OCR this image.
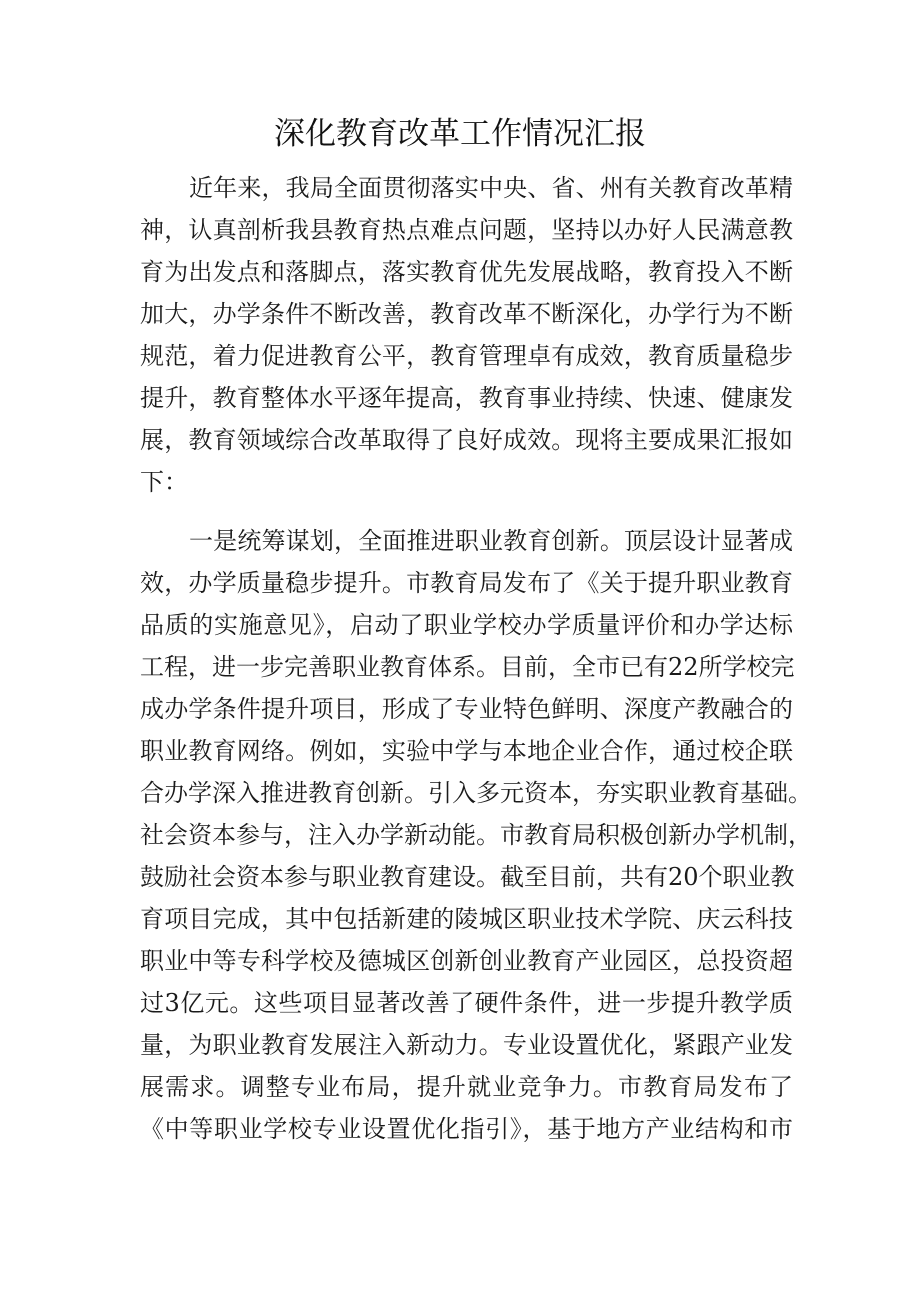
深化教育改革工作情况汇报

近年来，我局全面贯彻落实中央、省、州有关教育改革精

神，认真剖析我县教育热点难点问题，坚持以办好人民满意教

育为出发点和落脚点，落实教育优先发展战略，教育投入不断

加大，办学条件不断改善，教育改革不断深化，办学行为不断

规范，着力促进教育公平，教育管理卓有成效，教育质量稳步

提升，教育整体水平逐年提高，教育事业持续、快速、健康发

展，教育领域综合改革取得了良好成效。现将主要成果汇报如

下：

一是统筹谋划，全面推进职业教育创新。顶层设计显著成

效，办学质量稳步提升。市教育局发布了《关于提升职业教育

品质的实施意见》，启动了职业学校办学质量评价和办学达标

工程，进一步完善职业教育体系。目前，全市已有22所学校完

成办学条件提升项目，形成了专业特色鲜明、深度产教融合的

职业教育网络。例如，实验中学与本地企业合作，通过校企联

合办学深入推进教育创新。引入多元资本，夯实职业教育基础。

社会资本参与，注入办学新动能。市教育局积极创新办学机制，

鼓励社会资本参与职业教育建设。截至目前，共有20个职业教

育项目完成，其中包括新建的陵城区职业技术学院、庆云科技

职业中等专科学校及德城区创新创业教育产业园区，总投资超

过3亿元。这些项目显著改善了硬件条件，进一步提升教学质

量，为职业教育发展注入新动力。专业设置优化，紧跟产业发

展需求。调整专业布局，提升就业竞争力。市教育局发布了

《中等职业学校专业设置优化指引》，基于地方产业结构和市
